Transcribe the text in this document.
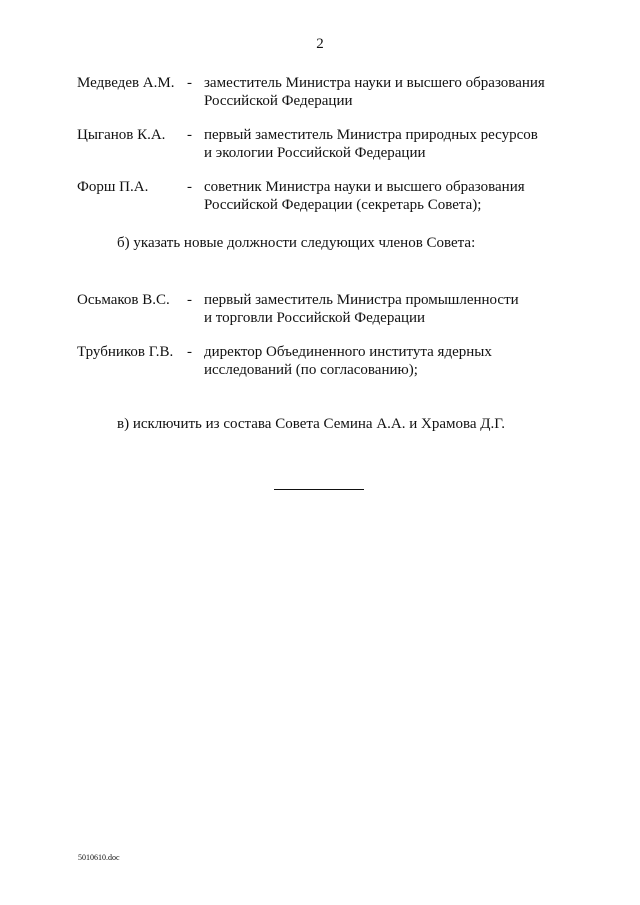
2
Медведев А.М. - заместитель Министра науки и высшего образования
Российской Федерации
Цыганов К.А. - первый заместитель Министра природных ресурсов
и экологии Российской Федерации
Форш П.А.	- советник Министра науки и высшего образования
Российской Федерации (секретарь Совета);
б) указать новые должности следующих членов Совета:
Осьмаков В.С. - первый заместитель Министра промышленности
и торговли Российской Федерации
Трубников Г.В. - директор Объединенного института ядерных
исследований (по согласованию);
в) исключить из состава Совета Семина А.А. и Храмова Д.Г.
5010610.doc
